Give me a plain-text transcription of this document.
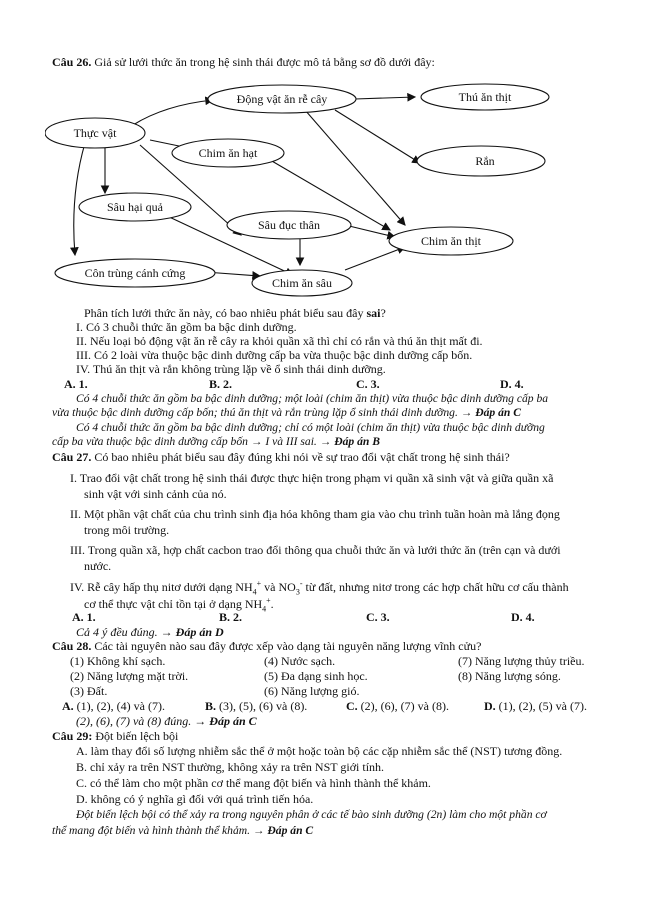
Câu 26. Giả sử lưới thức ăn trong hệ sinh thái được mô tả bằng sơ đồ dưới đây:
Động vật ăn rễ cây	Thú ăn thịt
Thực vật
Chim ăn hạt
Rắn
Sâu hại quả
Sâu đục thân
Chim ăn thịt
Côn trùng cánh cứng
Chim ăn sâu
Phân tích lưới thức ăn này, có bao nhiêu phát biểu sau đây sai?
I. Có 3 chuỗi thức ăn gồm ba bậc dinh dưỡng.
II. Nếu loại bỏ động vật ăn rễ cây ra khỏi quần xã thì chỉ có rắn và thú ăn thịt mất đi.
III. Có 2 loài vừa thuộc bậc dinh dưỡng cấp ba vừa thuộc bậc dinh dưỡng cấp bốn.
IV. Thú ăn thịt và rắn không trùng lặp về ổ sinh thái dinh dưỡng.
A. 1.	B. 2.	C. 3.	D. 4.
Có 4 chuỗi thức ăn gồm ba bậc dinh dưỡng; một loài (chim ăn thịt) vừa thuộc bậc dinh dưỡng cấp ba
vừa thuộc bậc dinh dưỡng cấp bốn; thú ăn thịt và rắn trùng lặp ổ sinh thái dinh dưỡng. → Đáp án C
Có 4 chuỗi thức ăn gồm ba bậc dinh dưỡng; chỉ có một loài (chim ăn thịt) vừa thuộc bậc dinh dưỡng
cấp ba vừa thuộc bậc dinh dưỡng cấp bốn → I và III sai. → Đáp án B
Câu 27. Có bao nhiêu phát biểu sau đây đúng khi nói về sự trao đổi vật chất trong hệ sinh thái?
I. Trao đổi vật chất trong hệ sinh thái được thực hiện trong phạm vi quần xã sinh vật và giữa quần xã
sinh vật với sinh cảnh của nó.
II. Một phần vật chất của chu trình sinh địa hóa không tham gia vào chu trình tuần hoàn mà lắng đọng
trong môi trường.
III. Trong quần xã, hợp chất cacbon trao đổi thông qua chuỗi thức ăn và lưới thức ăn (trên cạn và dưới
nước.
IV. Rễ cây hấp thụ nitơ dưới dạng $NH_4^+$ và $NO_3^-$ từ đất, nhưng nitơ trong các hợp chất hữu cơ cấu thành
cơ thể thực vật chỉ tồn tại ở dạng $NH_4^+$.
A. 1.	B. 2.	C. 3.	D. 4.
Cả 4 ý đều đúng. → Đáp án D
Câu 28. Các tài nguyên nào sau đây được xếp vào dạng tài nguyên năng lượng vĩnh cửu?
(1) Không khí sạch.	(4) Nước sạch.	(7) Năng lượng thủy triều.
(2) Năng lượng mặt trời.	(5) Đa dạng sinh học.	(8) Năng lượng sóng.
(3) Đất.	(6) Năng lượng gió.
A. (1), (2), (4) và (7).	B. (3), (5), (6) và (8).	C. (2), (6), (7) và (8).	D. (1), (2), (5) và (7).
(2), (6), (7) và (8) đúng. → Đáp án C
Câu 29: Đột biến lệch bội
A. làm thay đổi số lượng nhiễm sắc thể ở một hoặc toàn bộ các cặp nhiễm sắc thể (NST) tương đồng.
B. chỉ xảy ra trên NST thường, không xảy ra trên NST giới tính.
C. có thể làm cho một phần cơ thể mang đột biến và hình thành thể khảm.
D. không có ý nghĩa gì đối với quá trình tiến hóa.
Đột biến lệch bội có thể xảy ra trong nguyên phân ở các tế bào sinh dưỡng (2n) làm cho một phần cơ
thể mang đột biến và hình thành thể khảm. → Đáp án C
